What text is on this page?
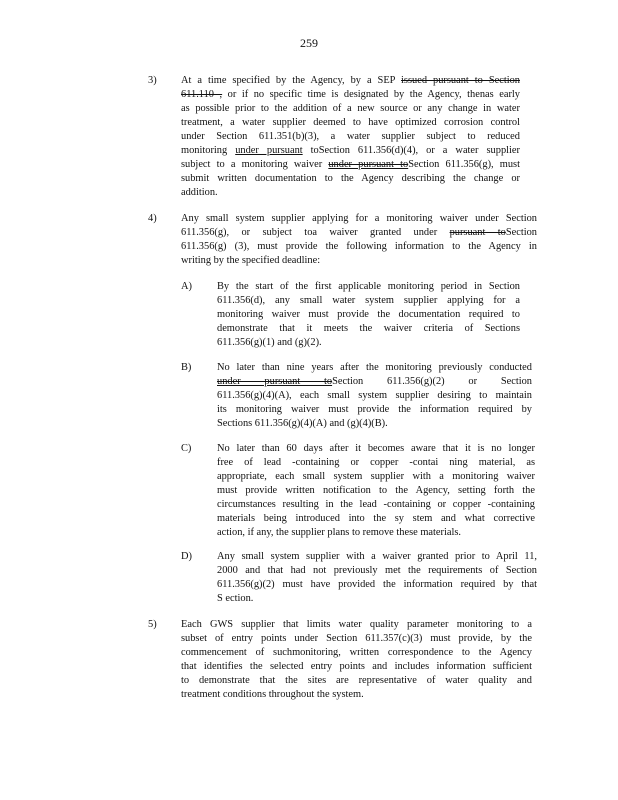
259
3) At a time specified by the Agency, by a SEP issued pursuant to Section
611.110 , or if no specific time is designated by the Agency, thenas early
as possible prior to the addition of a new source or any change in water
treatment, a water supplier deemed to have optimized corrosion control
under Section 611.351(b)(3), a water supplier subject to reduced
monitoring under pursuant toSection 611.356(d)(4), or a water supplier
subject to a monitoring waiver under pursuant toSection 611.356(g), must
submit written documentation to the Agency describing the change or
addition.
4) Any small system supplier applying for a monitoring waiver under Section
611.356(g), or subject toa waiver granted under pursuant toSection
611.356(g) (3), must provide the following information to the Agency in
writing by the specified deadline:
A) By the start of the first applicable monitoring period in Section
611.356(d), any small water system supplier applying for a
monitoring waiver must provide the documentation required to
demonstrate that it meets the waiver criteria of Sections
611.356(g)(1) and (g)(2).
B) No later than nine years after the monitoring previously conducted
under pursuant toSection 611.356(g)(2) or Section
611.356(g)(4)(A), each small system supplier desiring to maintain
its monitoring waiver must provide the information required by
Sections 611.356(g)(4)(A) and (g)(4)(B).
C) No later than 60 days after it becomes aware that it is no longer
free of lead -containing or copper -contai ning material, as
appropriate, each small system supplier with a monitoring waiver
must provide written notification to the Agency, setting forth the
circumstances resulting in the lead -containing or copper -containing
materials being introduced into the sy stem and what corrective
action, if any, the supplier plans to remove these materials.
D) Any small system supplier with a waiver granted prior to April 11,
2000 and that had not previously met the requirements of Section
611.356(g)(2) must have provided the information required by that
S ection.
5) Each GWS supplier that limits water quality parameter monitoring to a
subset of entry points under Section 611.357(c)(3) must provide, by the
commencement of suchmonitoring, written correspondence to the Agency
that identifies the selected entry points and includes information sufficient
to demonstrate that the sites are representative of water quality and
treatment conditions throughout the system.
